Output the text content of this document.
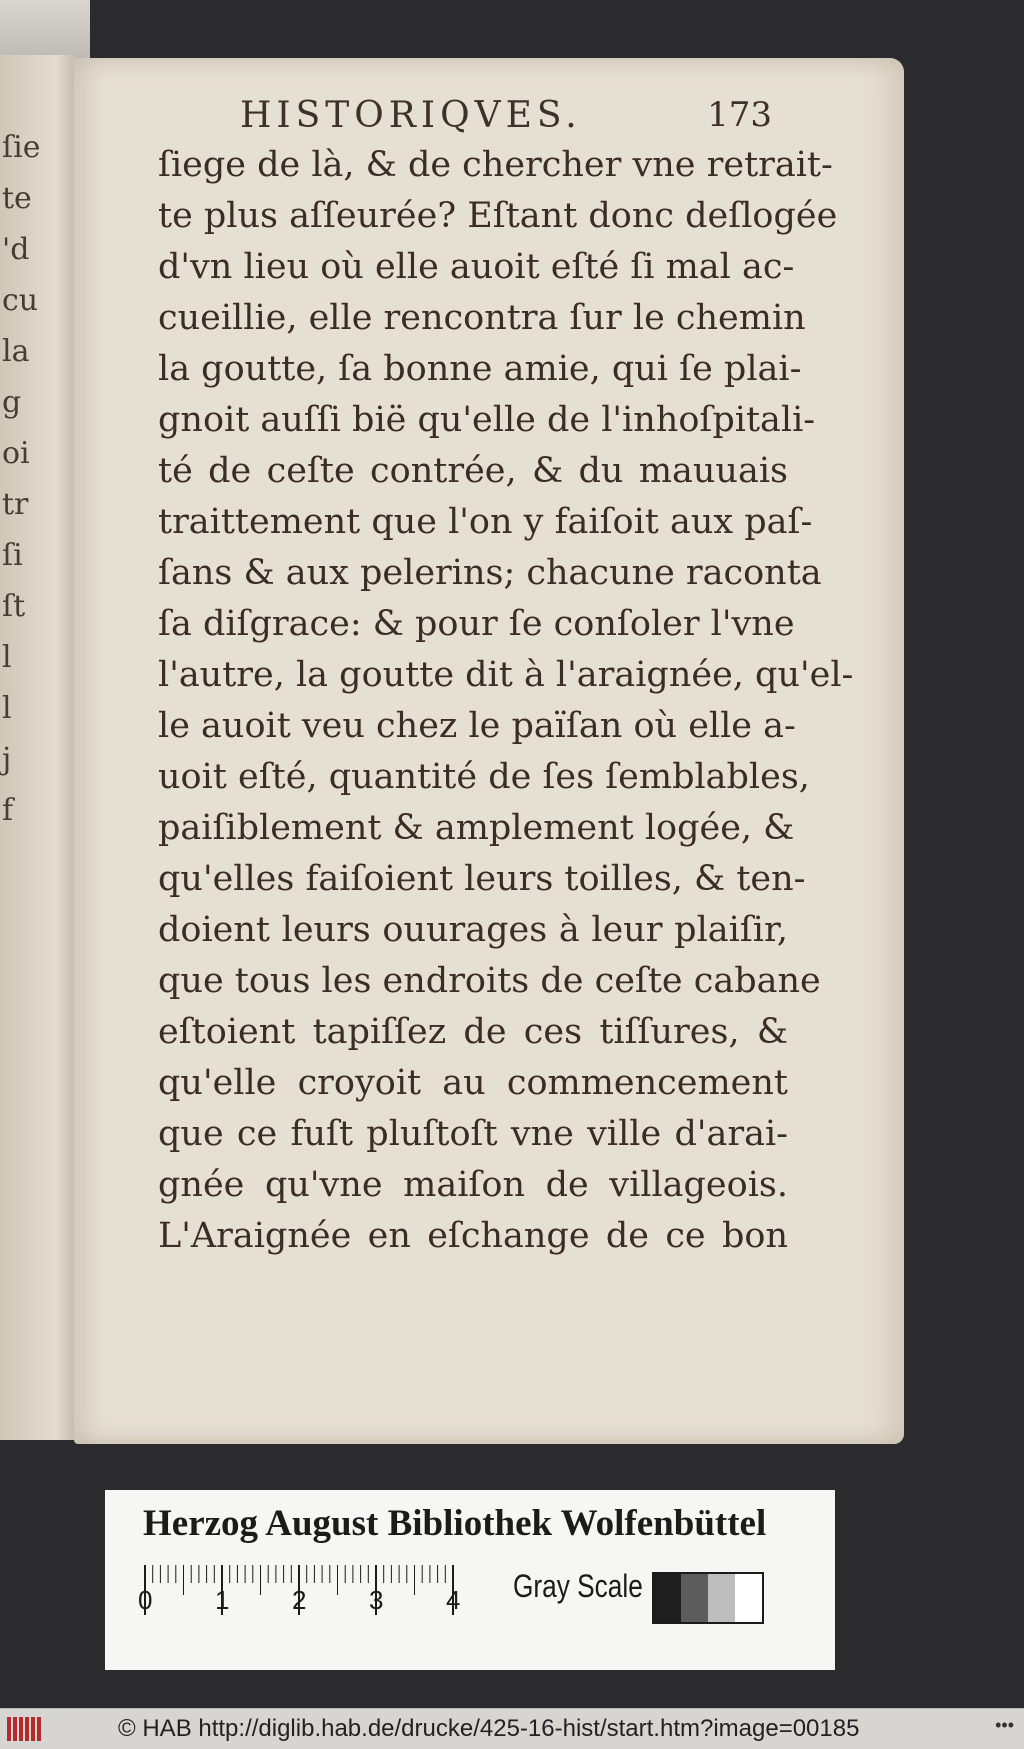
ſie
te
'd
cu
la
g
oi
tr
ſi
ſt
l
l
j
f
HISTORIQVES.	173
ſiege de là, & de chercher vne retrait-
te plus aſſeurée? Eſtant donc deſlogée
d'vn lieu où elle auoit eſté ſi mal ac-
cueillie, elle rencontra ſur le chemin
la goutte, ſa bonne amie, qui ſe plai-
gnoit auſſi bië qu'elle de l'inhoſpitali-
té de ceſte contrée, & du mauuais
traittement que l'on y faiſoit aux paſ-
ſans & aux pelerins; chacune raconta
ſa diſgrace: & pour ſe conſoler l'vne
l'autre, la goutte dit à l'araignée, qu'el-
le auoit veu chez le païſan où elle a-
uoit eſté, quantité de ſes ſemblables,
paiſiblement & amplement logée, &
qu'elles faiſoient leurs toilles, & ten-
doient leurs ouurages à leur plaiſir,
que tous les endroits de ceſte cabane
eſtoient tapiſſez de ces tiſſures, &
qu'elle croyoit au commencement
que ce fuſt pluſtoſt vne ville d'arai-
gnée qu'vne maiſon de villageois.
L'Araignée en eſchange de ce bon
Herzog August Bibliothek Wolfenbüttel
0 1 2 3 4 Gray Scale
© HAB http://diglib.hab.de/drucke/425-16-hist/start.htm?image=00185	•••
